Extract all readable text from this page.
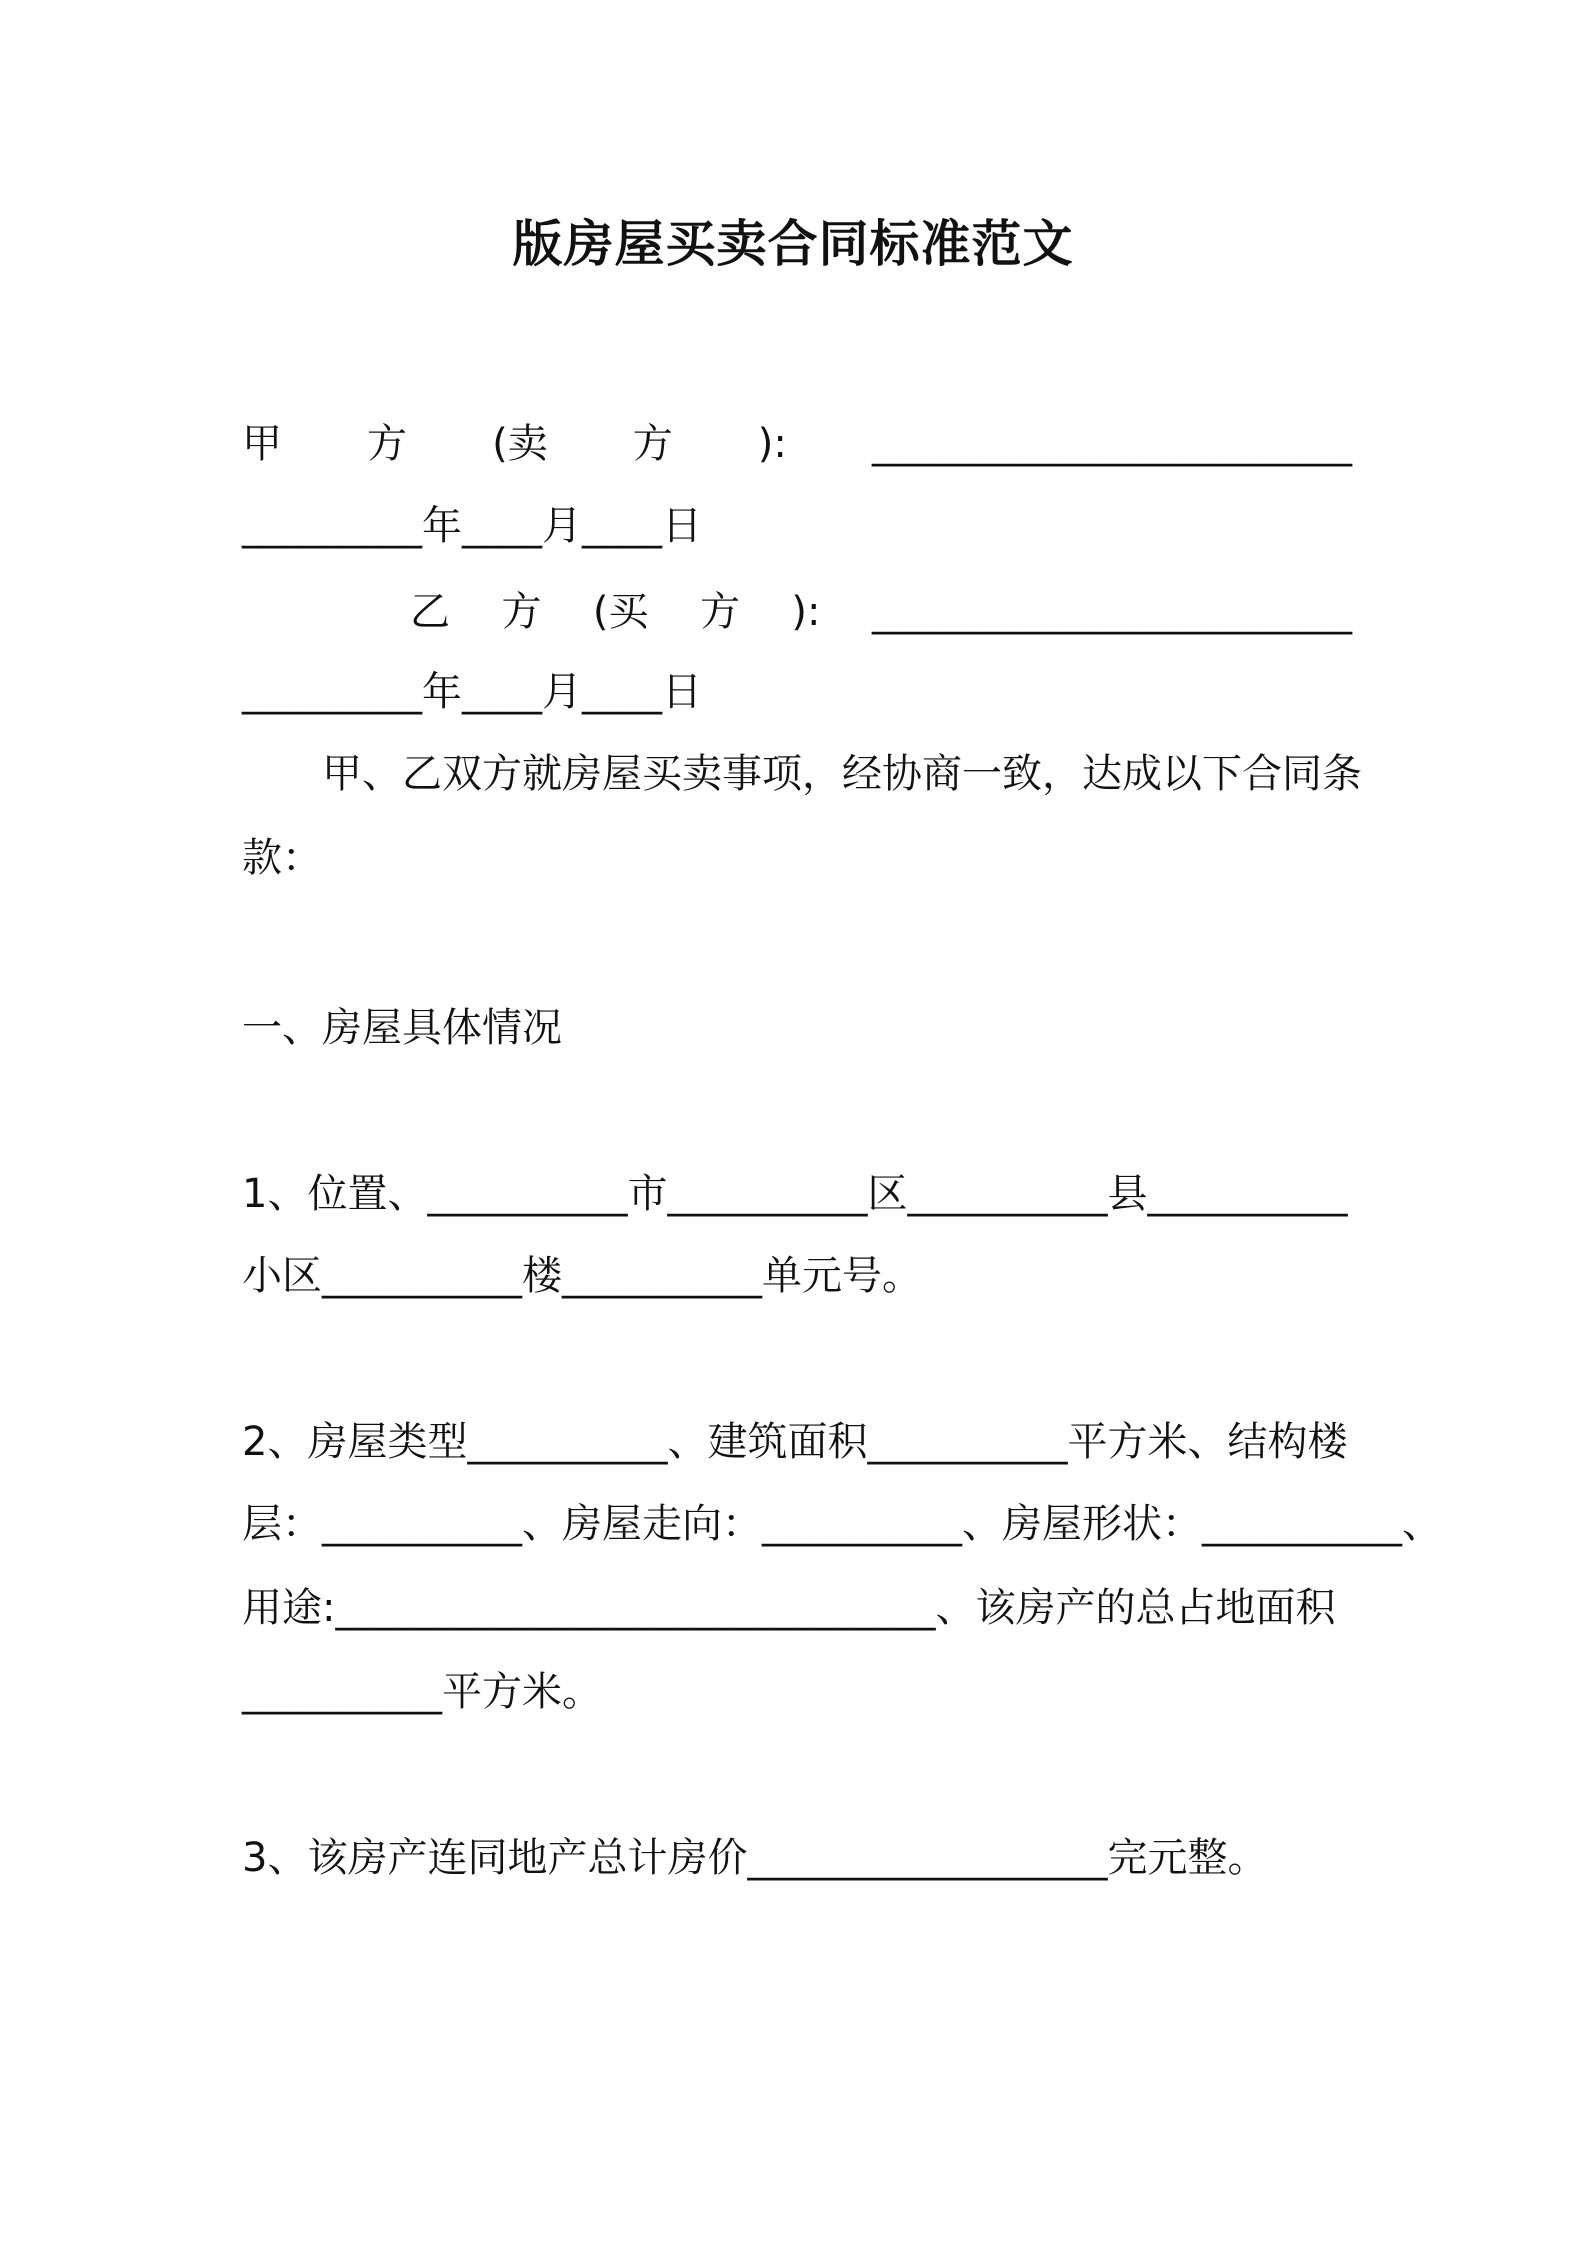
版房屋买卖合同标准范文
甲 方 (卖 方 ): ________________________
_________年____月____日
乙 方 (买 方 ): ________________________
_________年____月____日
甲、乙双方就房屋买卖事项，经协商一致，达成以下合同条
款：
一、房屋具体情况
1、位置、__________市__________区__________县__________
小区__________楼__________单元号。
2、房屋类型__________、建筑面积__________平方米、结构楼
层：__________、房屋走向：__________、房屋形状：__________、
用途:______________________________、该房产的总占地面积
__________平方米。
3、该房产连同地产总计房价__________________完元整。
